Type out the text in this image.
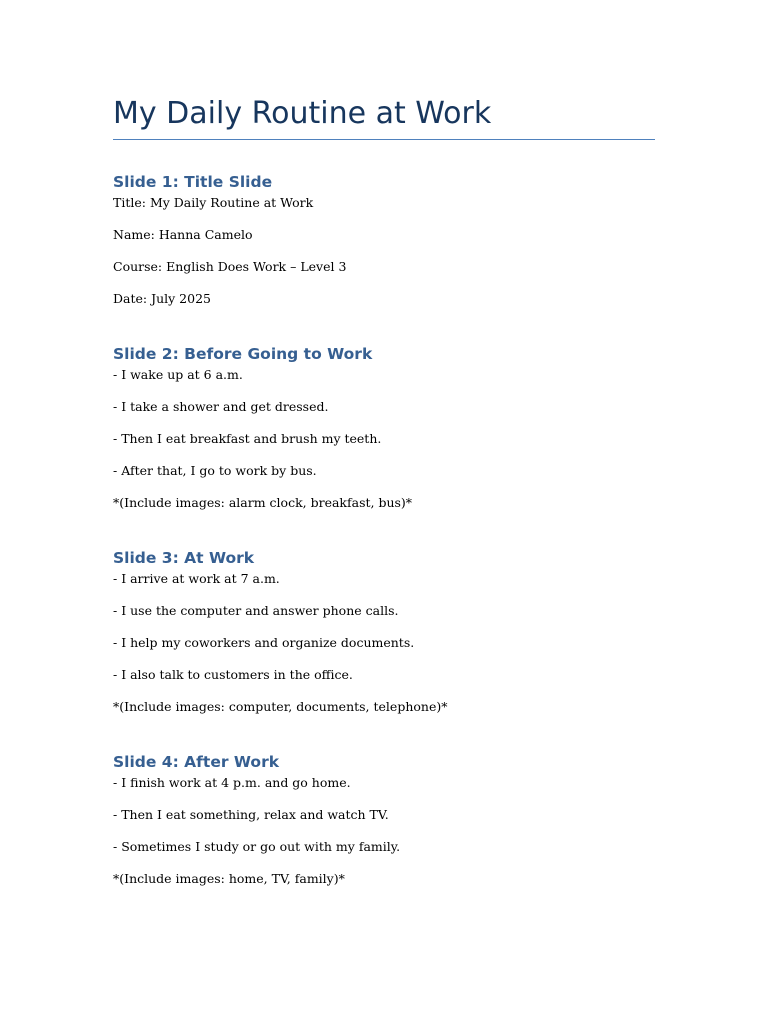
My Daily Routine at Work
Slide 1: Title Slide

Title: My Daily Routine at Work

Name: Hanna Camelo

Course: English Does Work – Level 3

Date: July 2025

Slide 2: Before Going to Work

- I wake up at 6 a.m.

- I take a shower and get dressed.

- Then I eat breakfast and brush my teeth.

- After that, I go to work by bus.

*(Include images: alarm clock, breakfast, bus)*

Slide 3: At Work

- I arrive at work at 7 a.m.

- I use the computer and answer phone calls.

- I help my coworkers and organize documents.

- I also talk to customers in the office.

*(Include images: computer, documents, telephone)*

Slide 4: After Work

- I finish work at 4 p.m. and go home.

- Then I eat something, relax and watch TV.

- Sometimes I study or go out with my family.

*(Include images: home, TV, family)*
